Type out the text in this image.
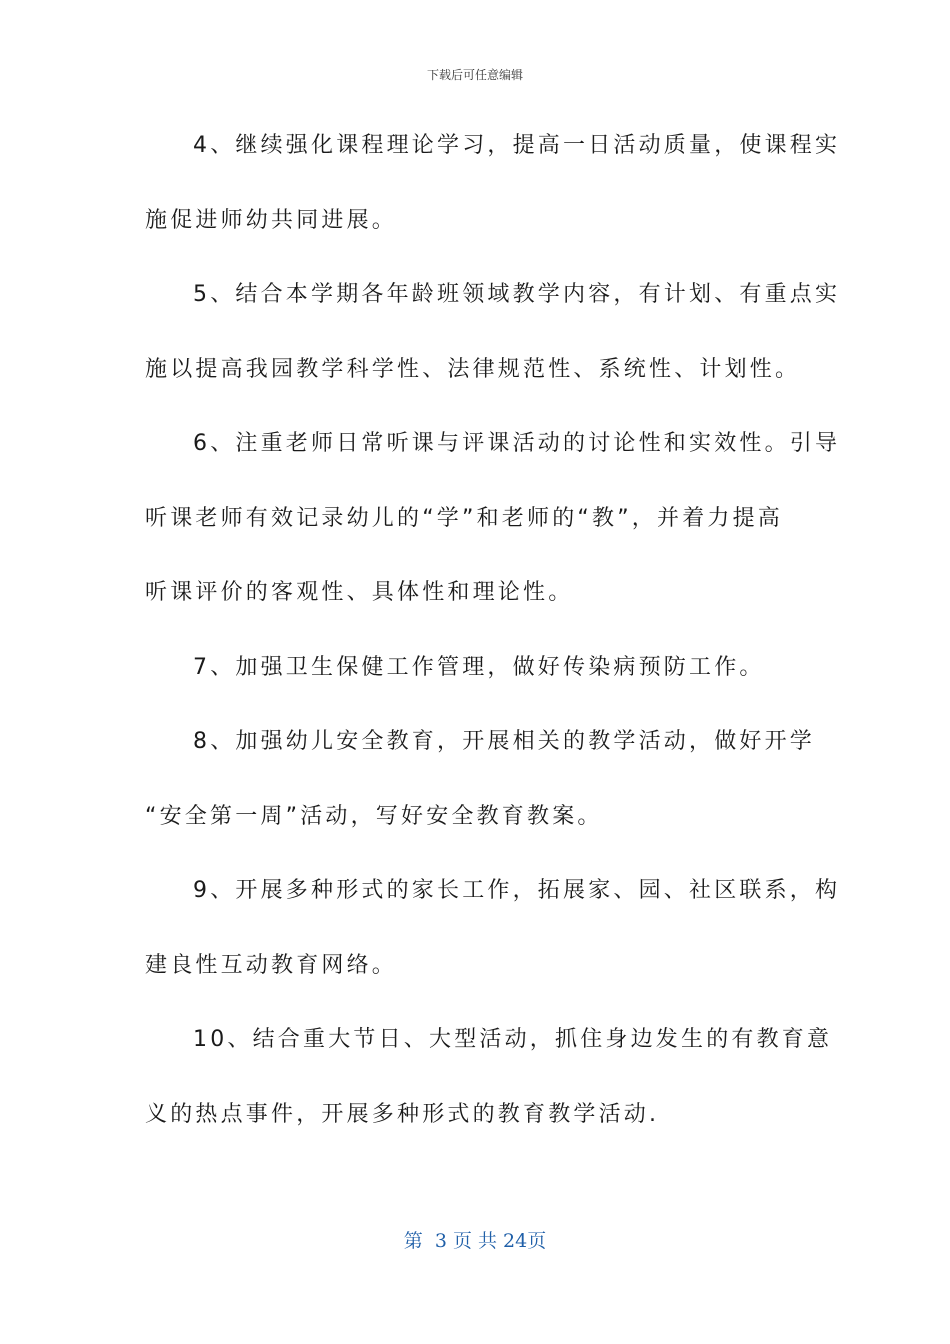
下载后可任意编辑
4、继续强化课程理论学习，提高一日活动质量，使课程实
施促进师幼共同进展。
5、结合本学期各年龄班领域教学内容，有计划、有重点实
施以提高我园教学科学性、法律规范性、系统性、计划性。
6、注重老师日常听课与评课活动的讨论性和实效性。引导
听课老师有效记录幼儿的“学”和老师的“教”，并着力提高
听课评价的客观性、具体性和理论性。
7、加强卫生保健工作管理，做好传染病预防工作。
8、加强幼儿安全教育，开展相关的教学活动，做好开学
“安全第一周”活动，写好安全教育教案。
9、开展多种形式的家长工作，拓展家、园、社区联系，构
建良性互动教育网络。
10、结合重大节日、大型活动，抓住身边发生的有教育意
义的热点事件，开展多种形式的教育教学活动.
第  3 页 共 24页
